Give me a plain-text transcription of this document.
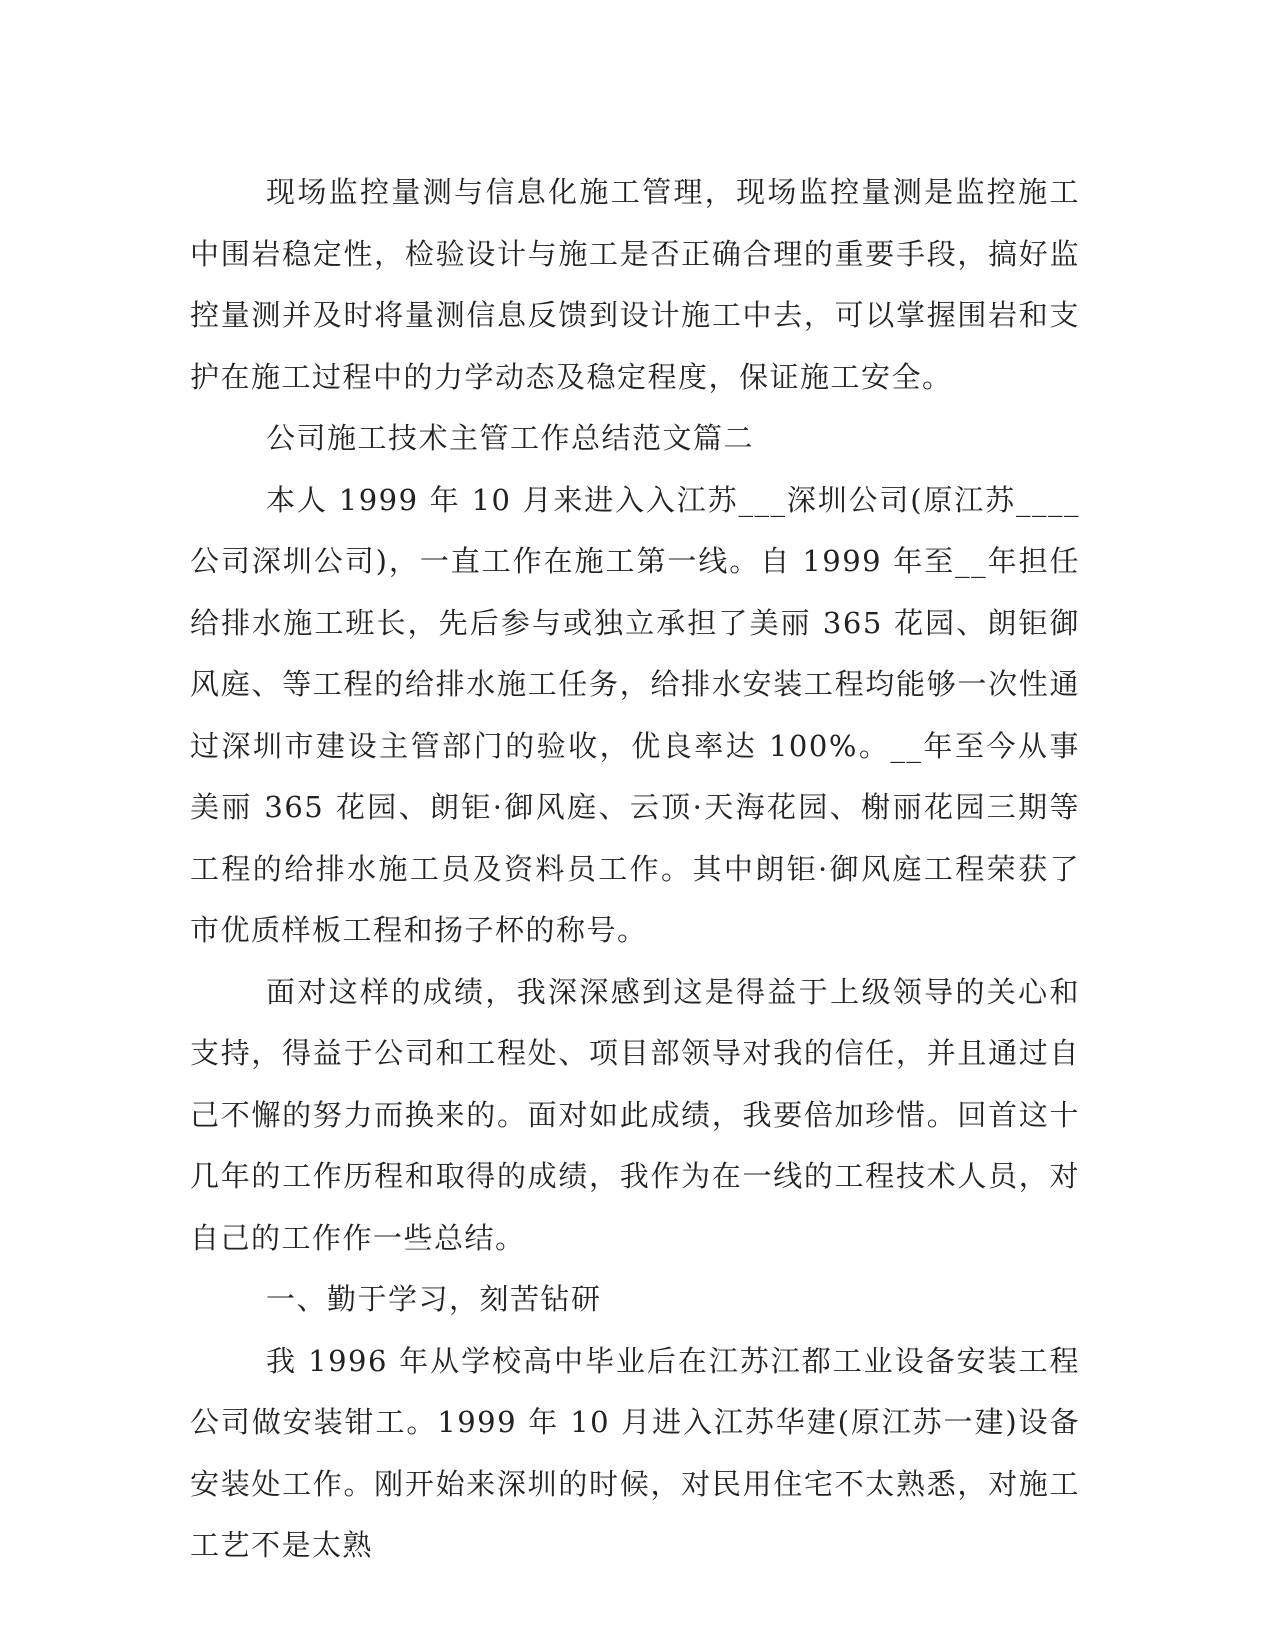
现场监控量测与信息化施工管理，现场监控量测是监控施工中围岩稳定性，检验设计与施工是否正确合理的重要手段，搞好监控量测并及时将量测信息反馈到设计施工中去，可以掌握围岩和支护在施工过程中的力学动态及稳定程度，保证施工安全。

公司施工技术主管工作总结范文篇二

本人 1999 年 10 月来进入入江苏___深圳公司(原江苏____公司深圳公司)，一直工作在施工第一线。自 1999 年至__年担任给排水施工班长，先后参与或独立承担了美丽 365 花园、朗钜御风庭、等工程的给排水施工任务，给排水安装工程均能够一次性通过深圳市建设主管部门的验收，优良率达 100%。__年至今从事美丽 365 花园、朗钜·御风庭、云顶·天海花园、榭丽花园三期等工程的给排水施工员及资料员工作。其中朗钜·御风庭工程荣获了市优质样板工程和扬子杯的称号。

面对这样的成绩，我深深感到这是得益于上级领导的关心和支持，得益于公司和工程处、项目部领导对我的信任，并且通过自己不懈的努力而换来的。面对如此成绩，我要倍加珍惜。回首这十几年的工作历程和取得的成绩，我作为在一线的工程技术人员，对自己的工作作一些总结。

一、勤于学习，刻苦钻研

我 1996 年从学校高中毕业后在江苏江都工业设备安装工程公司做安装钳工。1999 年 10 月进入江苏华建(原江苏一建)设备安装处工作。刚开始来深圳的时候，对民用住宅不太熟悉，对施工工艺不是太熟
